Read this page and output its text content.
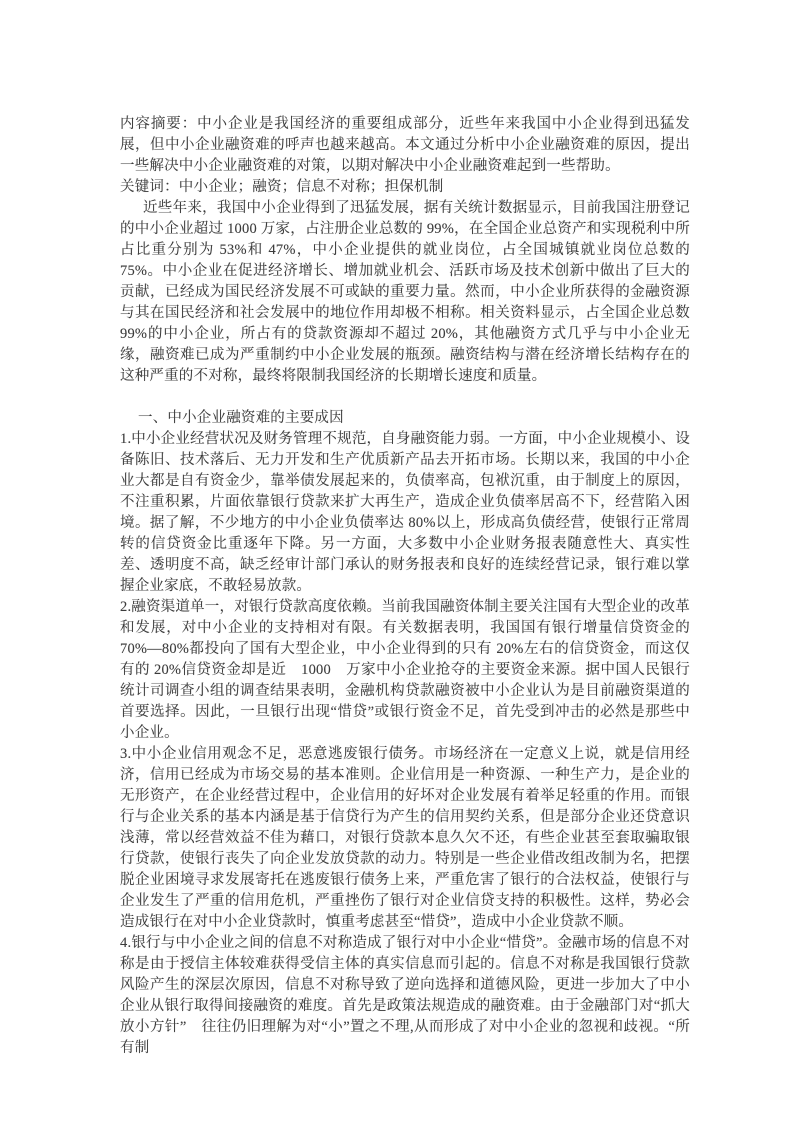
内容摘要：中小企业是我国经济的重要组成部分，近些年来我国中小企业得到迅猛发展，但中小企业融资难的呼声也越来越高。本文通过分析中小企业融资难的原因，提出一些解决中小企业融资难的对策，以期对解决中小企业融资难起到一些帮助。

关键词：中小企业；融资；信息不对称；担保机制

近些年来，我国中小企业得到了迅猛发展，据有关统计数据显示，目前我国注册登记的中小企业超过 1000 万家，占注册企业总数的 99%，在全国企业总资产和实现税利中所占比重分别为 53%和 47%，中小企业提供的就业岗位，占全国城镇就业岗位总数的 75%。中小企业在促进经济增长、增加就业机会、活跃市场及技术创新中做出了巨大的贡献，已经成为国民经济发展不可或缺的重要力量。然而，中小企业所获得的金融资源与其在国民经济和社会发展中的地位作用却极不相称。相关资料显示，占全国企业总数 99%的中小企业，所占有的贷款资源却不超过 20%，其他融资方式几乎与中小企业无缘，融资难已成为严重制约中小企业发展的瓶颈。融资结构与潜在经济增长结构存在的这种严重的不对称，最终将限制我国经济的长期增长速度和质量。

一、中小企业融资难的主要成因

1.中小企业经营状况及财务管理不规范，自身融资能力弱。一方面，中小企业规模小、设备陈旧、技术落后、无力开发和生产优质新产品去开拓市场。长期以来，我国的中小企业大都是自有资金少，靠举债发展起来的，负债率高，包袱沉重，由于制度上的原因，不注重积累，片面依靠银行贷款来扩大再生产，造成企业负债率居高不下，经营陷入困境。据了解，不少地方的中小企业负债率达 80%以上，形成高负债经营，使银行正常周转的信贷资金比重逐年下降。另一方面，大多数中小企业财务报表随意性大、真实性差、透明度不高，缺乏经审计部门承认的财务报表和良好的连续经营记录，银行难以掌握企业家底，不敢轻易放款。

2.融资渠道单一，对银行贷款高度依赖。当前我国融资体制主要关注国有大型企业的改革和发展，对中小企业的支持相对有限。有关数据表明，我国国有银行增量信贷资金的 70%—80%都投向了国有大型企业，中小企业得到的只有 20%左右的信贷资金，而这仅有的 20%信贷资金却是近　1000　万家中小企业抢夺的主要资金来源。据中国人民银行统计司调查小组的调查结果表明，金融机构贷款融资被中小企业认为是目前融资渠道的首要选择。因此，一旦银行出现“惜贷”或银行资金不足，首先受到冲击的必然是那些中小企业。

3.中小企业信用观念不足，恶意逃废银行债务。市场经济在一定意义上说，就是信用经济，信用已经成为市场交易的基本准则。企业信用是一种资源、一种生产力，是企业的无形资产，在企业经营过程中，企业信用的好坏对企业发展有着举足轻重的作用。而银行与企业关系的基本内涵是基于信贷行为产生的信用契约关系，但是部分企业还贷意识浅薄，常以经营效益不佳为藉口，对银行贷款本息久欠不还，有些企业甚至套取骗取银行贷款，使银行丧失了向企业发放贷款的动力。特别是一些企业借改组改制为名，把摆脱企业困境寻求发展寄托在逃废银行债务上来，严重危害了银行的合法权益，使银行与企业发生了严重的信用危机，严重挫伤了银行对企业信贷支持的积极性。这样，势必会造成银行在对中小企业贷款时，慎重考虑甚至“惜贷”，造成中小企业贷款不顺。

4.银行与中小企业之间的信息不对称造成了银行对中小企业“惜贷”。金融市场的信息不对称是由于授信主体较难获得受信主体的真实信息而引起的。信息不对称是我国银行贷款风险产生的深层次原因，信息不对称导致了逆向选择和道德风险，更进一步加大了中小企业从银行取得间接融资的难度。首先是政策法规造成的融资难。由于金融部门对“抓大放小方针”　往往仍旧理解为对“小”置之不理,从而形成了对中小企业的忽视和歧视。“所有制
